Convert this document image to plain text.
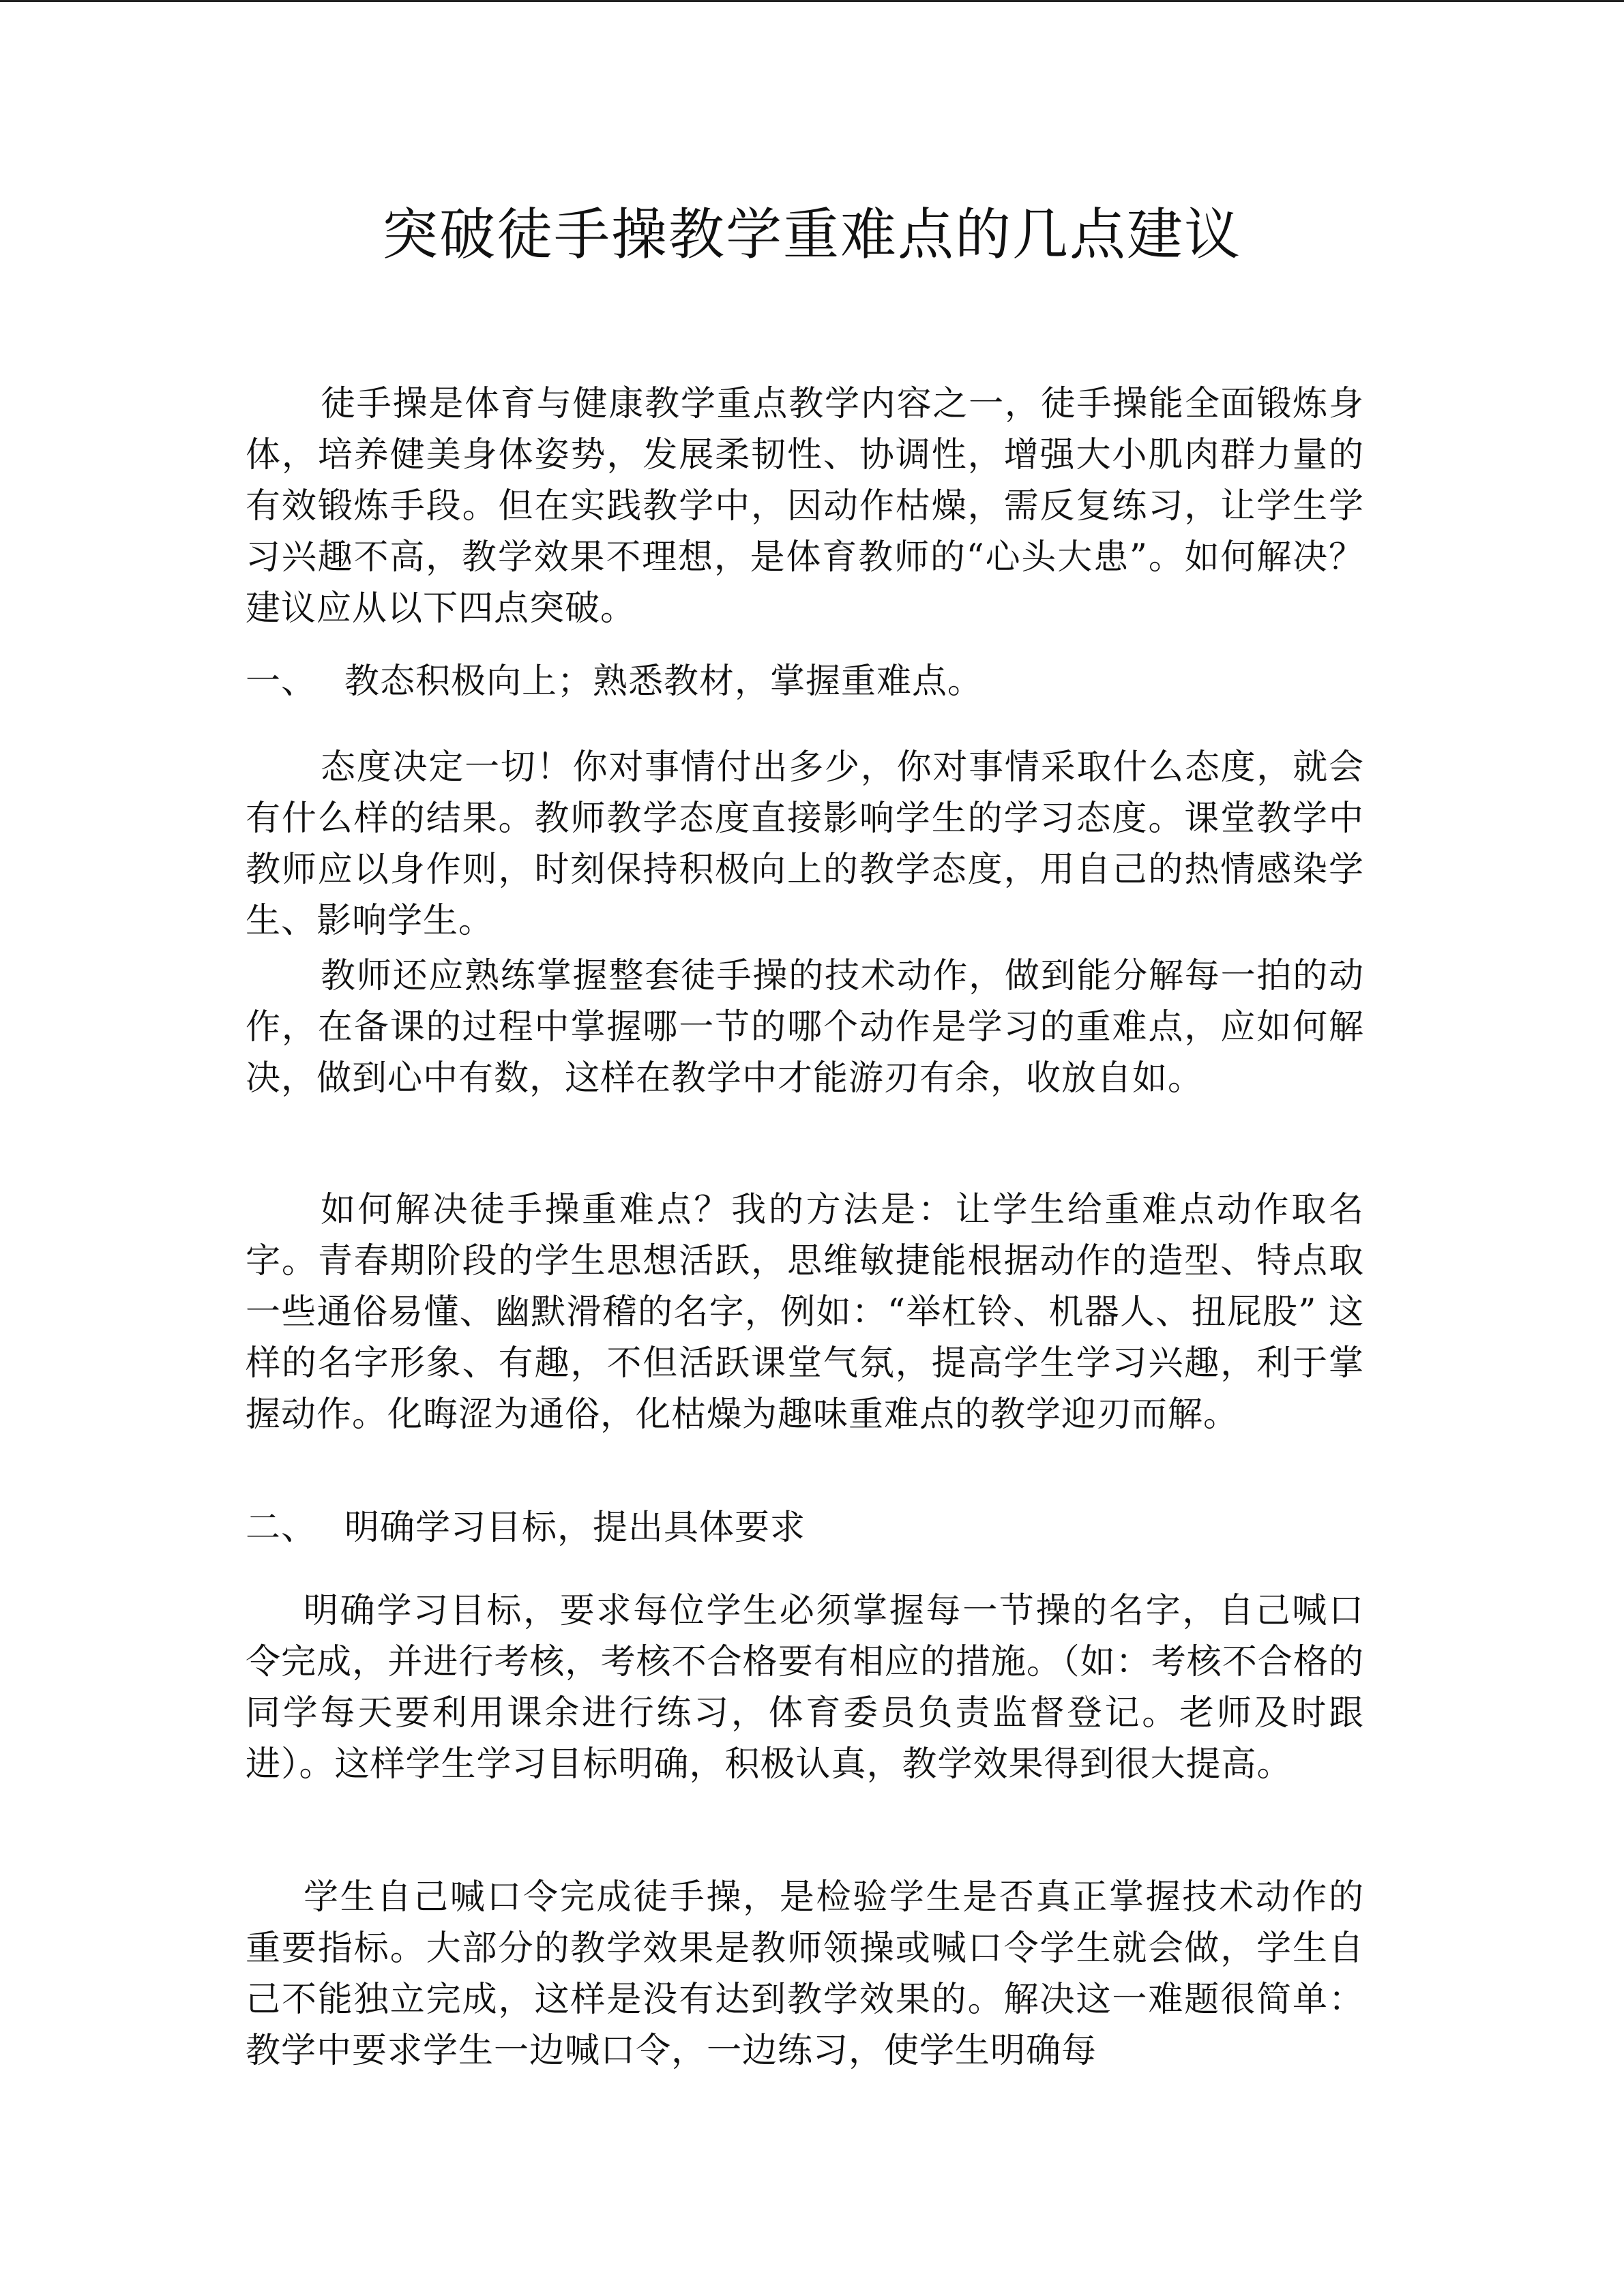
突破徒手操教学重难点的几点建议

徒手操是体育与健康教学重点教学内容之一，徒手操能全面锻炼身体，培养健美身体姿势，发展柔韧性、协调性，增强大小肌肉群力量的有效锻炼手段。但在实践教学中，因动作枯燥，需反复练习，让学生学习兴趣不高，教学效果不理想，是体育教师的“心头大患”。如何解决？建议应从以下四点突破。

一、 教态积极向上；熟悉教材，掌握重难点。

态度决定一切！你对事情付出多少，你对事情采取什么态度，就会有什么样的结果。教师教学态度直接影响学生的学习态度。课堂教学中教师应以身作则，时刻保持积极向上的教学态度，用自己的热情感染学生、影响学生。

教师还应熟练掌握整套徒手操的技术动作，做到能分解每一拍的动作，在备课的过程中掌握哪一节的哪个动作是学习的重难点，应如何解决，做到心中有数，这样在教学中才能游刃有余，收放自如。

如何解决徒手操重难点？我的方法是：让学生给重难点动作取名字。青春期阶段的学生思想活跃，思维敏捷能根据动作的造型、特点取一些通俗易懂、幽默滑稽的名字，例如：“举杠铃、机器人、扭屁股” 这样的名字形象、有趣，不但活跃课堂气氛，提高学生学习兴趣，利于掌握动作。化晦涩为通俗，化枯燥为趣味重难点的教学迎刃而解。

二、 明确学习目标，提出具体要求

明确学习目标，要求每位学生必须掌握每一节操的名字，自己喊口令完成，并进行考核，考核不合格要有相应的措施。（如：考核不合格的同学每天要利用课余进行练习，体育委员负责监督登记。老师及时跟进）。这样学生学习目标明确，积极认真，教学效果得到很大提高。

学生自己喊口令完成徒手操，是检验学生是否真正掌握技术动作的重要指标。大部分的教学效果是教师领操或喊口令学生就会做，学生自己不能独立完成，这样是没有达到教学效果的。解决这一难题很简单：教学中要求学生一边喊口令，一边练习，使学生明确每
